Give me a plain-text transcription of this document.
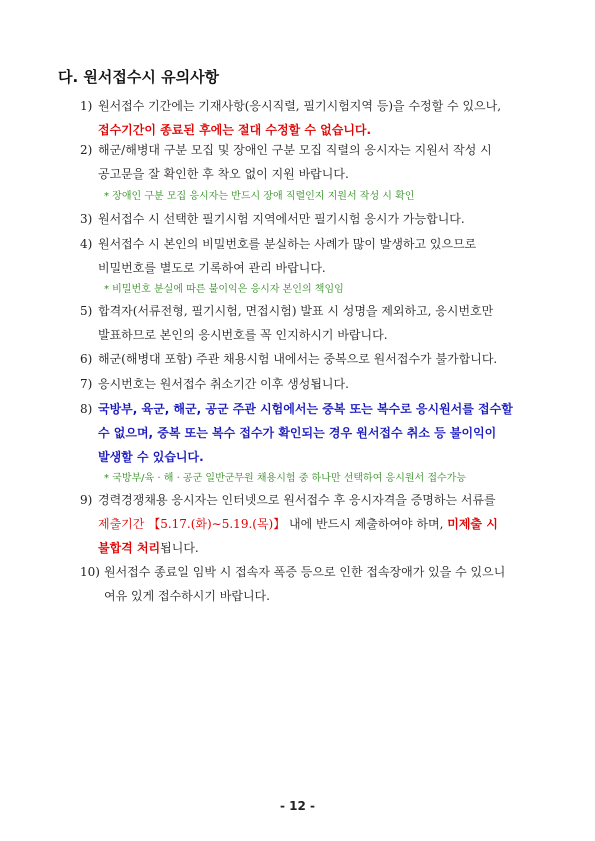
다. 원서접수시 유의사항
1) 원서접수 기간에는 기재사항(응시직렬, 필기시험지역 등)을 수정할 수 있으나,
접수기간이 종료된 후에는 절대 수정할 수 없습니다.
2) 해군/해병대 구분 모집 및 장애인 구분 모집 직렬의 응시자는 지원서 작성 시
공고문을 잘 확인한 후 착오 없이 지원 바랍니다.
* 장애인 구분 모집 응시자는 반드시 장애 직렬인지 지원서 작성 시 확인
3) 원서접수 시 선택한 필기시험 지역에서만 필기시험 응시가 가능합니다.
4) 원서접수 시 본인의 비밀번호를 분실하는 사례가 많이 발생하고 있으므로
비밀번호를 별도로 기록하여 관리 바랍니다.
* 비밀번호 분실에 따른 불이익은 응시자 본인의 책임임
5) 합격자(서류전형, 필기시험, 면접시험) 발표 시 성명을 제외하고, 응시번호만
발표하므로 본인의 응시번호를 꼭 인지하시기 바랍니다.
6) 해군(해병대 포함) 주관 채용시험 내에서는 중복으로 원서접수가 불가합니다.
7) 응시번호는 원서접수 취소기간 이후 생성됩니다.
8) 국방부, 육군, 해군, 공군 주관 시험에서는 중복 또는 복수로 응시원서를 접수할
수 없으며, 중복 또는 복수 접수가 확인되는 경우 원서접수 취소 등 불이익이
발생할 수 있습니다.
* 국방부/육 · 해 · 공군 일반군무원 채용시험 중 하나만 선택하여 응시원서 접수가능
9) 경력경쟁채용 응시자는 인터넷으로 원서접수 후 응시자격을 증명하는 서류를
제출기간 【5.17.(화)∼5.19.(목)】 내에 반드시 제출하여야 하며, 미제출 시
불합격 처리됩니다.
10) 원서접수 종료일 임박 시 접속자 폭증 등으로 인한 접속장애가 있을 수 있으니
여유 있게 접수하시기 바랍니다.
- 12 -
